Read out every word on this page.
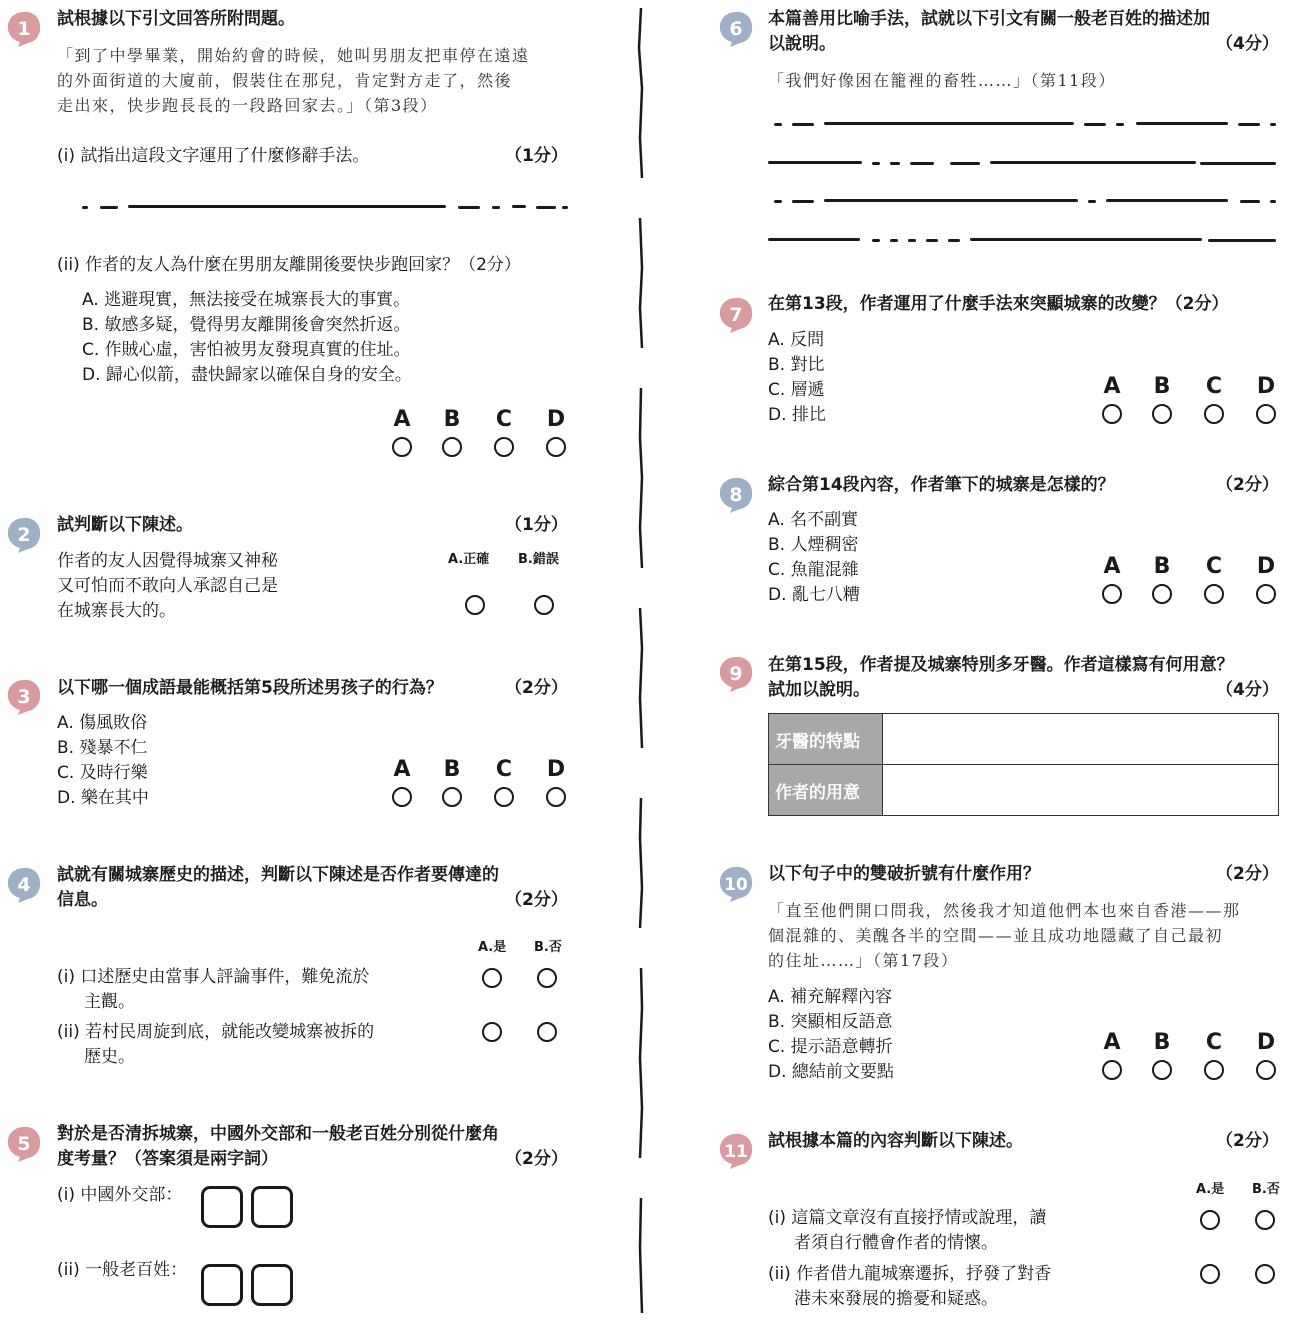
1 試根據以下引文回答所附問題。
「到了中學畢業，開始約會的時候，她叫男朋友把車停在遠遠
的外面街道的大廈前，假裝住在那兒，肯定對方走了，然後
走出來，快步跑長長的一段路回家去。」（第3段）
(i) 試指出這段文字運用了什麼修辭手法。	（1分）
(ii) 作者的友人為什麼在男朋友離開後要快步跑回家？（2分）
A. 逃避現實，無法接受在城寨長大的事實。
B. 敏感多疑，覺得男友離開後會突然折返。
C. 作賊心虛，害怕被男友發現真實的住址。
D. 歸心似箭，盡快歸家以確保自身的安全。
A B C D
2 試判斷以下陳述。	（1分）
作者的友人因覺得城寨又神秘
又可怕而不敢向人承認自己是
在城寨長大的。
A.正確 B.錯誤
3 以下哪一個成語最能概括第5段所述男孩子的行為？	（2分）
A. 傷風敗俗
B. 殘暴不仁
C. 及時行樂
D. 樂在其中
A B C D
4 試就有關城寨歷史的描述，判斷以下陳述是否作者要傳達的
信息。	（2分）
A.是 B.否
(i) 口述歷史由當事人評論事件，難免流於
主觀。
(ii) 若村民周旋到底，就能改變城寨被拆的
歷史。
5 對於是否清拆城寨，中國外交部和一般老百姓分別從什麼角
度考量？（答案須是兩字詞）	（2分）
(i) 中國外交部：
(ii) 一般老百姓：
6 本篇善用比喻手法，試就以下引文有關一般老百姓的描述加
以說明。	（4分）
「我們好像困在籠裡的畜牲……」（第11段）
7 在第13段，作者運用了什麼手法來突顯城寨的改變？（2分）
A. 反問
B. 對比
C. 層遞
D. 排比
A B C D
8 綜合第14段內容，作者筆下的城寨是怎樣的？	（2分）
A. 名不副實
B. 人煙稠密
C. 魚龍混雜
D. 亂七八糟
A B C D
9 在第15段，作者提及城寨特別多牙醫。作者這樣寫有何用意？
試加以說明。	（4分）
牙醫的特點	
作者的用意	
10
以下句子中的雙破折號有什麼作用？	（2分）
「直至他們開口問我，然後我才知道他們本也來自香港——那
個混雜的、美醜各半的空間——並且成功地隱藏了自己最初
的住址……」（第17段）
A. 補充解釋內容
B. 突顯相反語意
C. 提示語意轉折
D. 總結前文要點
A B C D
11
試根據本篇的內容判斷以下陳述。	（2分）
A.是 B.否
(i) 這篇文章沒有直接抒情或說理，讀
者須自行體會作者的情懷。
(ii) 作者借九龍城寨遷拆，抒發了對香
港未來發展的擔憂和疑惑。
